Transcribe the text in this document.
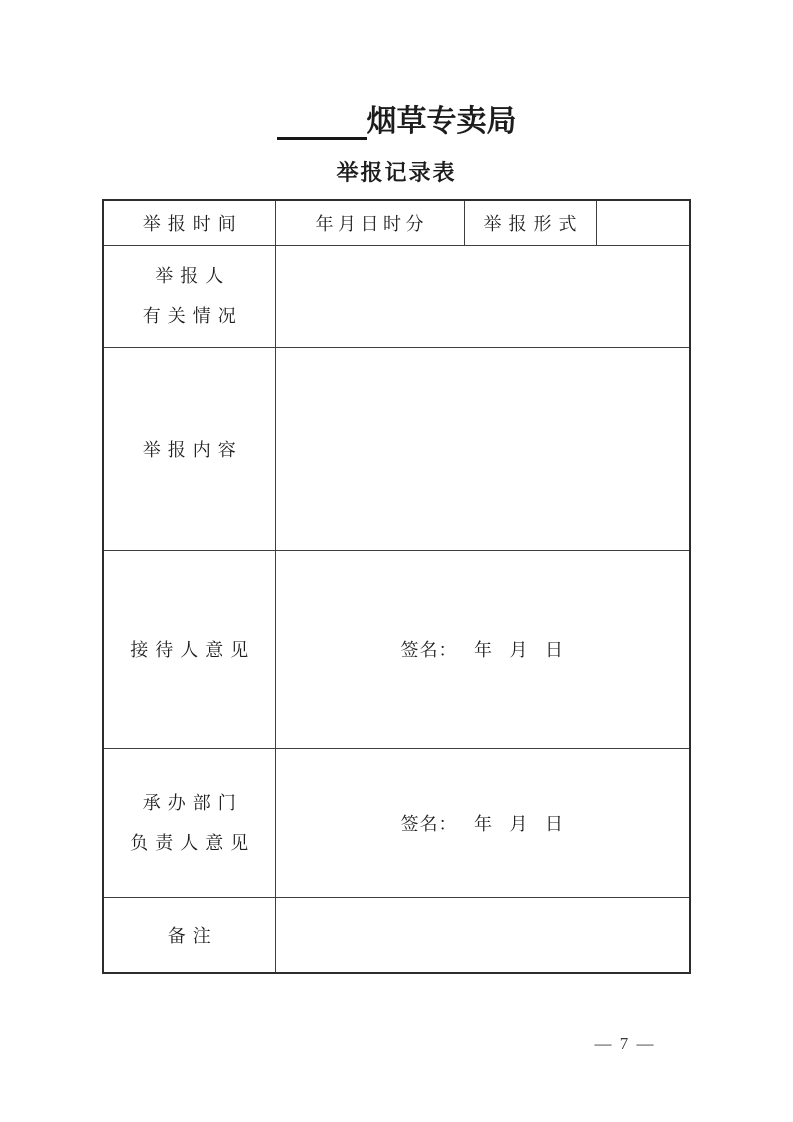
烟草专卖局
举报记录表
举报时间	年 月 日 时 分	举报形式	

举报人
有关情况			

举报内容			
接待人意见	签名：   年   月   日		

承办部门
负责人意见	签名：   年   月   日		
备注			
— 7 —
